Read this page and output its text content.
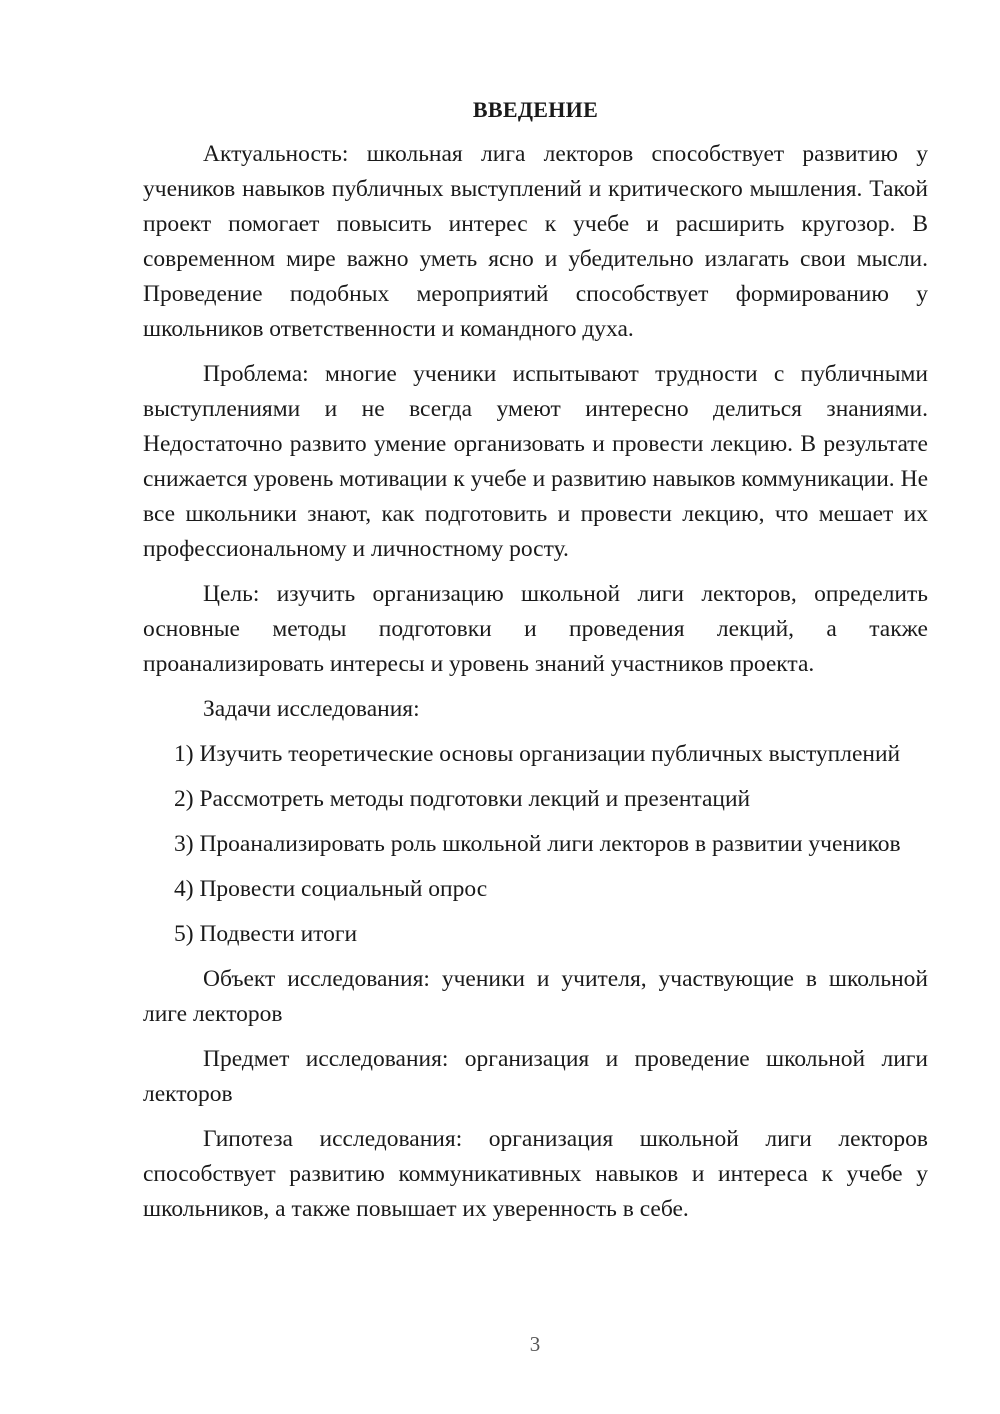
ВВЕДЕНИЕ

Актуальность: школьная лига лекторов способствует развитию у учеников навыков публичных выступлений и критического мышления. Такой проект помогает повысить интерес к учебе и расширить кругозор. В современном мире важно уметь ясно и убедительно излагать свои мысли. Проведение подобных мероприятий способствует формированию у школьников ответственности и командного духа.

Проблема: многие ученики испытывают трудности с публичными выступлениями и не всегда умеют интересно делиться знаниями. Недостаточно развито умение организовать и провести лекцию. В результате снижается уровень мотивации к учебе и развитию навыков коммуникации. Не все школьники знают, как подготовить и провести лекцию, что мешает их профессиональному и личностному росту.

Цель: изучить организацию школьной лиги лекторов, определить основные методы подготовки и проведения лекций, а также проанализировать интересы и уровень знаний участников проекта.

Задачи исследования:

1) Изучить теоретические основы организации публичных выступлений

2) Рассмотреть методы подготовки лекций и презентаций

3) Проанализировать роль школьной лиги лекторов в развитии учеников

4) Провести социальный опрос

5) Подвести итоги

Объект исследования: ученики и учителя, участвующие в школьной лиге лекторов

Предмет исследования: организация и проведение школьной лиги лекторов

Гипотеза исследования: организация школьной лиги лекторов способствует развитию коммуникативных навыков и интереса к учебе у школьников, а также повышает их уверенность в себе.

3
